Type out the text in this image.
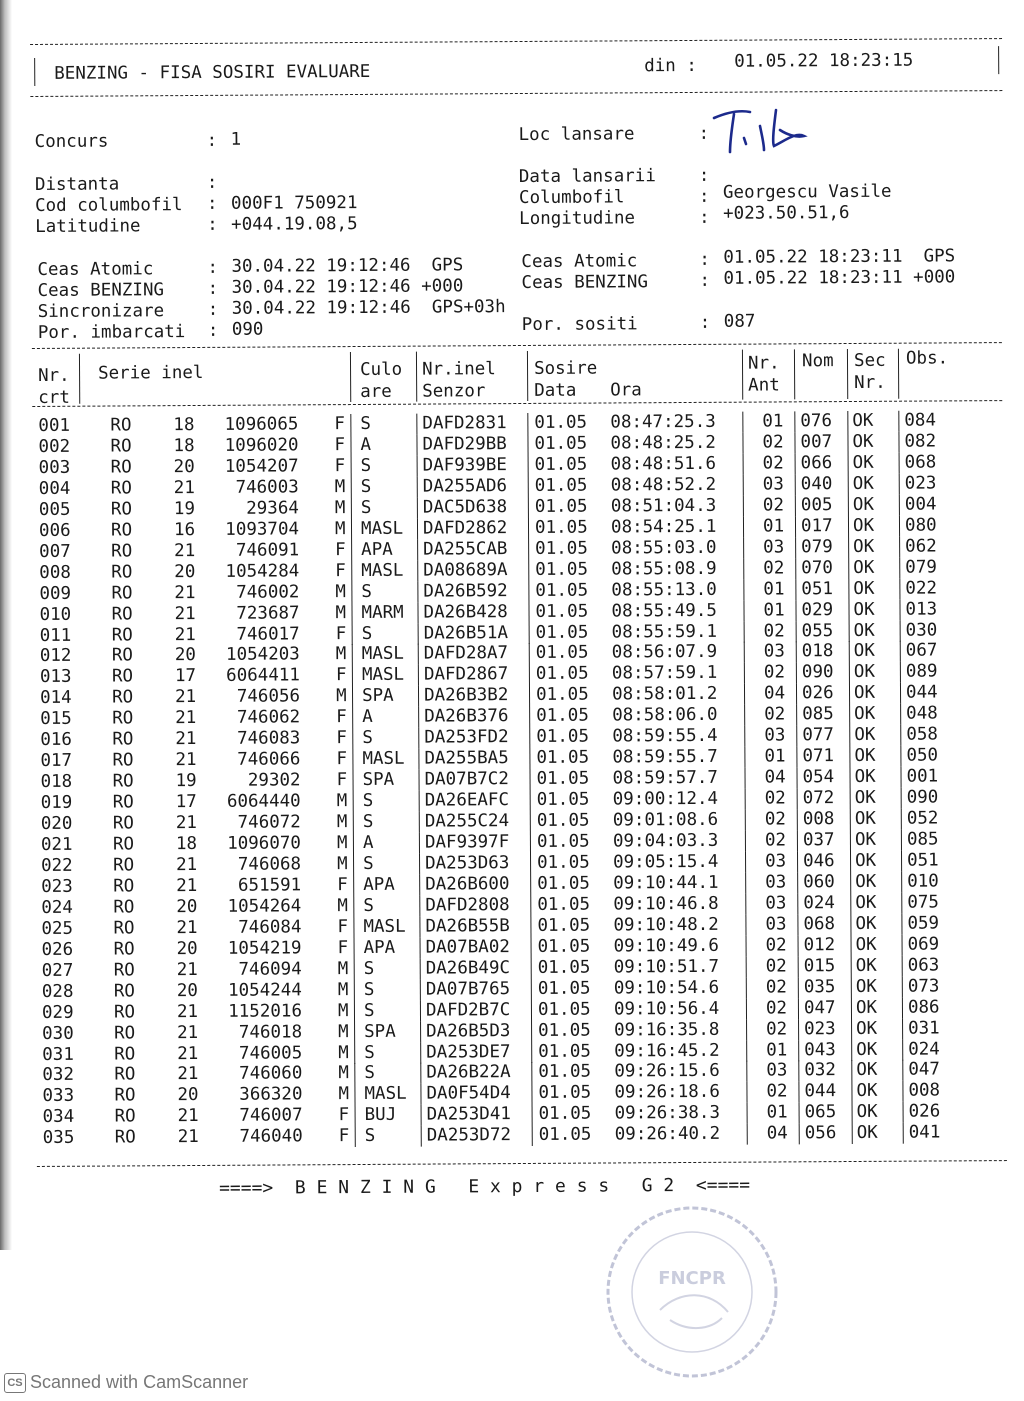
BENZING - FISA SOSIRI EVALUARE	din : 01.05.22 18:23:15
Concurs	: 1
Distanta	:
Cod columbofil : 000F1 750921
Latitudine	: +044.19.08,5
Ceas Atomic	: 30.04.22 19:12:46  GPS
Ceas BENZING : 30.04.22 19:12:46 +000
Sincronizare : 30.04.22 19:12:46  GPS+03h
Por. imbarcati : 090
Loc lansare	:
Data lansarii :
Columbofil	: Georgescu Vasile
Longitudine	: +023.50.51,6
Ceas Atomic	: 01.05.22 18:23:11  GPS
Ceas BENZING	: 01.05.22 18:23:11 +000
Por. sositi	: 087
Nr.
crt
Serie inel	Culo
are
Nr.inel
Senzor
Sosire
Data Ora
Nr.
Ant
Nom Sec
Nr.
Obs.
001	RO	18	1096065 F S	DAFD2831	01.05	08:47:25.3	01 076	OK	084
002	RO	18	1096020 F A	DAFD29BB	01.05	08:48:25.2	02 007	OK	082
003	RO	20	1054207 F S	DAF939BE	01.05	08:48:51.6	02 066	OK	068
004	RO	21	746003 M S	DA255AD6	01.05	08:48:52.2	03 040	OK	023
005	RO	19	29364 M S	DAC5D638	01.05	08:51:04.3	02 005	OK	004
006	RO	16	1093704 M MASL	DAFD2862	01.05	08:54:25.1	01 017	OK	080
007	RO	21	746091 F APA	DA255CAB	01.05	08:55:03.0	03 079	OK	062
008	RO	20	1054284 F MASL	DA08689A	01.05	08:55:08.9	02 070	OK	079
009	RO	21	746002 M S	DA26B592	01.05	08:55:13.0	01 051	OK	022
010	RO	21	723687 M MARM	DA26B428	01.05	08:55:49.5	01 029	OK	013
011	RO	21	746017 F S	DA26B51A	01.05	08:55:59.1	02 055	OK	030
012	RO	20	1054203 M MASL	DAFD28A7	01.05	08:56:07.9	03 018	OK	067
013	RO	17	6064411 F MASL	DAFD2867	01.05	08:57:59.1	02 090	OK	089
014	RO	21	746056 M SPA	DA26B3B2	01.05	08:58:01.2	04 026	OK	044
015	RO	21	746062 F A	DA26B376	01.05	08:58:06.0	02 085	OK	048
016	RO	21	746083 F S	DA253FD2	01.05	08:59:55.4	03 077	OK	058
017	RO	21	746066 F MASL	DA255BA5	01.05	08:59:55.7	01 071	OK	050
018	RO	19	29302 F SPA	DA07B7C2	01.05	08:59:57.7	04 054	OK	001
019	RO	17	6064440 M S	DA26EAFC	01.05	09:00:12.4	02 072	OK	090
020	RO	21	746072 M S	DA255C24	01.05	09:01:08.6	02 008	OK	052
021	RO	18	1096070 M A	DAF9397F	01.05	09:04:03.3	02 037	OK	085
022	RO	21	746068 M S	DA253D63	01.05	09:05:15.4	03 046	OK	051
023	RO	21	651591 F APA	DA26B600	01.05	09:10:44.1	03 060	OK	010
024	RO	20	1054264 M S	DAFD2808	01.05	09:10:46.8	03 024	OK	075
025	RO	21	746084 F MASL	DA26B55B	01.05	09:10:48.2	03 068	OK	059
026	RO	20	1054219 F APA	DA07BA02	01.05	09:10:49.6	02 012	OK	069
027	RO	21	746094 M S	DA26B49C	01.05	09:10:51.7	02 015	OK	063
028	RO	20	1054244 M S	DA07B765	01.05	09:10:54.6	02 035	OK	073
029	RO	21	1152016 M S	DAFD2B7C	01.05	09:10:56.4	02 047	OK	086
030	RO	21	746018 M SPA	DA26B5D3	01.05	09:16:35.8	02 023	OK	031
031	RO	21	746005 M S	DA253DE7	01.05	09:16:45.2	01 043	OK	024
032	RO	21	746060 M S	DA26B22A	01.05	09:26:15.6	03 032	OK	047
033	RO	20	366320 M MASL	DA0F54D4	01.05	09:26:18.6	02 044	OK	008
034	RO	21	746007 F BUJ	DA253D41	01.05	09:26:38.3	01 065	OK	026
035	RO	21	746040 F S	DA253D72	01.05	09:26:40.2	04 056	OK	041
====>  B E N Z I N G   E x p r e s s   G 2  <====
FNCPR
CS Scanned with CamScanner
